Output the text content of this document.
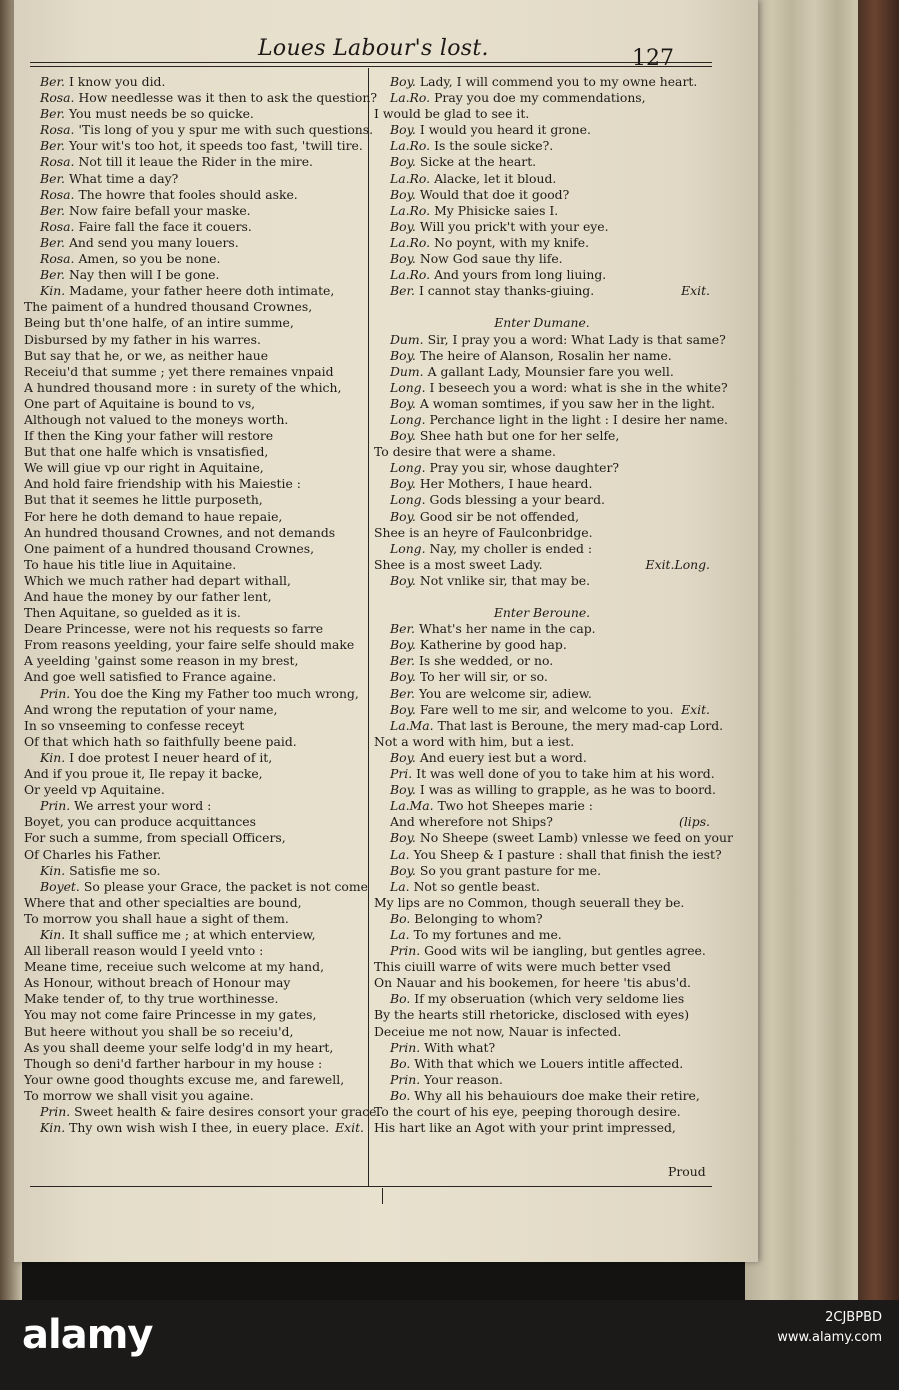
Loues Labour's lost.	127
Ber. I know you did.
Rosa. How needlesse was it then to ask the question?
Ber. You must needs be so quicke.
Rosa. 'Tis long of you y spur me with such questions.
Ber. Your wit's too hot, it speeds too fast, 'twill tire.
Rosa. Not till it leaue the Rider in the mire.
Ber. What time a day?
Rosa. The howre that fooles should aske.
Ber. Now faire befall your maske.
Rosa. Faire fall the face it couers.
Ber. And send you many louers.
Rosa. Amen, so you be none.
Ber. Nay then will I be gone.
Kin. Madame, your father heere doth intimate,
The paiment of a hundred thousand Crownes,
Being but th'one halfe, of an intire summe,
Disbursed by my father in his warres.
But say that he, or we, as neither haue
Receiu'd that summe ; yet there remaines vnpaid
A hundred thousand more : in surety of the which,
One part of Aquitaine is bound to vs,
Although not valued to the moneys worth.
If then the King your father will restore
But that one halfe which is vnsatisfied,
We will giue vp our right in Aquitaine,
And hold faire friendship with his Maiestie :
But that it seemes he little purposeth,
For here he doth demand to haue repaie,
An hundred thousand Crownes, and not demands
One paiment of a hundred thousand Crownes,
To haue his title liue in Aquitaine.
Which we much rather had depart withall,
And haue the money by our father lent,
Then Aquitane, so guelded as it is.
Deare Princesse, were not his requests so farre
From reasons yeelding, your faire selfe should make
A yeelding 'gainst some reason in my brest,
And goe well satisfied to France againe.
Prin. You doe the King my Father too much wrong,
And wrong the reputation of your name,
In so vnseeming to confesse receyt
Of that which hath so faithfully beene paid.
Kin. I doe protest I neuer heard of it,
And if you proue it, Ile repay it backe,
Or yeeld vp Aquitaine.
Prin. We arrest your word :
Boyet, you can produce acquittances
For such a summe, from speciall Officers,
Of Charles his Father.
Kin. Satisfie me so.
Boyet. So please your Grace, the packet is not come
Where that and other specialties are bound,
To morrow you shall haue a sight of them.
Kin. It shall suffice me ; at which enterview,
All liberall reason would I yeeld vnto :
Meane time, receiue such welcome at my hand,
As Honour, without breach of Honour may
Make tender of, to thy true worthinesse.
You may not come faire Princesse in my gates,
But heere without you shall be so receiu'd,
As you shall deeme your selfe lodg'd in my heart,
Though so deni'd farther harbour in my house :
Your owne good thoughts excuse me, and farewell,
To morrow we shall visit you againe.
Prin. Sweet health & faire desires consort your grace.
Kin. Thy own wish wish I thee, in euery place. Exit.
Boy. Lady, I will commend you to my owne heart.
La.Ro. Pray you doe my commendations,
I would be glad to see it.
Boy. I would you heard it grone.
La.Ro. Is the soule sicke?.
Boy. Sicke at the heart.
La.Ro. Alacke, let it bloud.
Boy. Would that doe it good?
La.Ro. My Phisicke saies I.
Boy. Will you prick't with your eye.
La.Ro. No poynt, with my knife.
Boy. Now God saue thy life.
La.Ro. And yours from long liuing.
Ber. I cannot stay thanks-giuing.	Exit.
Enter Dumane.
Dum. Sir, I pray you a word: What Lady is that same?
Boy. The heire of Alanson, Rosalin her name.
Dum. A gallant Lady, Mounsier fare you well.
Long. I beseech you a word: what is she in the white?
Boy. A woman somtimes, if you saw her in the light.
Long. Perchance light in the light : I desire her name.
Boy. Shee hath but one for her selfe,
To desire that were a shame.
Long. Pray you sir, whose daughter?
Boy. Her Mothers, I haue heard.
Long. Gods blessing a your beard.
Boy. Good sir be not offended,
Shee is an heyre of Faulconbridge.
Long. Nay, my choller is ended :
Shee is a most sweet Lady.	Exit.Long.
Boy. Not vnlike sir, that may be.
Enter Beroune.
Ber. What's her name in the cap.
Boy. Katherine by good hap.
Ber. Is she wedded, or no.
Boy. To her will sir, or so.
Ber. You are welcome sir, adiew.
Boy. Fare well to me sir, and welcome to you. Exit.
La.Ma. That last is Beroune, the mery mad-cap Lord.
Not a word with him, but a iest.
Boy. And euery iest but a word.
Pri. It was well done of you to take him at his word.
Boy. I was as willing to grapple, as he was to boord.
La.Ma. Two hot Sheepes marie :
And wherefore not Ships?	(lips.
Boy. No Sheepe (sweet Lamb) vnlesse we feed on your
La. You Sheep & I pasture : shall that finish the iest?
Boy. So you grant pasture for me.
La. Not so gentle beast.
My lips are no Common, though seuerall they be.
Bo. Belonging to whom?
La. To my fortunes and me.
Prin. Good wits wil be iangling, but gentles agree.
This ciuill warre of wits were much better vsed
On Nauar and his bookemen, for heere 'tis abus'd.
Bo. If my obseruation (which very seldome lies
By the hearts still rhetoricke, disclosed with eyes)
Deceiue me not now, Nauar is infected.
Prin. With what?
Bo. With that which we Louers intitle affected.
Prin. Your reason.
Bo. Why all his behauiours doe make their retire,
To the court of his eye, peeping thorough desire.
His hart like an Agot with your print impressed,
Proud
alamy	2CJBPBD
www.alamy.com
